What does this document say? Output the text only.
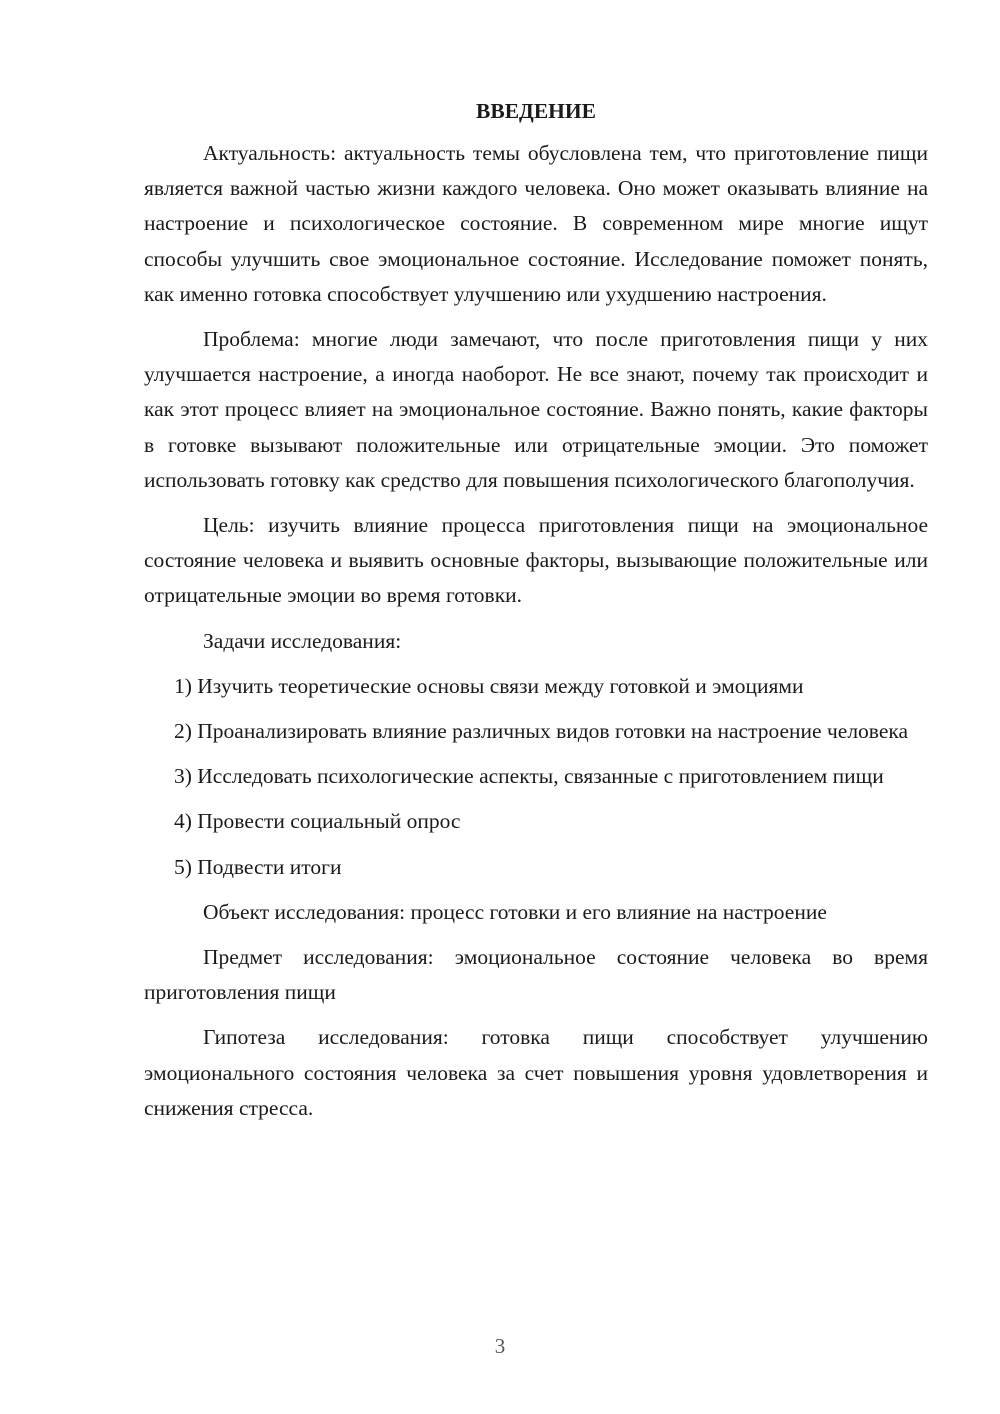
ВВЕДЕНИЕ

Актуальность: актуальность темы обусловлена тем, что приготовление пищи является важной частью жизни каждого человека. Оно может оказывать влияние на настроение и психологическое состояние. В современном мире многие ищут способы улучшить свое эмоциональное состояние. Исследование поможет понять, как именно готовка способствует улучшению или ухудшению настроения.

Проблема: многие люди замечают, что после приготовления пищи у них улучшается настроение, а иногда наоборот. Не все знают, почему так происходит и как этот процесс влияет на эмоциональное состояние. Важно понять, какие факторы в готовке вызывают положительные или отрицательные эмоции. Это поможет использовать готовку как средство для повышения психологического благополучия.

Цель: изучить влияние процесса приготовления пищи на эмоциональное состояние человека и выявить основные факторы, вызывающие положительные или отрицательные эмоции во время готовки.

Задачи исследования:

1) Изучить теоретические основы связи между готовкой и эмоциями

2) Проанализировать влияние различных видов готовки на настроение человека

3) Исследовать психологические аспекты, связанные с приготовлением пищи

4) Провести социальный опрос

5) Подвести итоги

Объект исследования: процесс готовки и его влияние на настроение

Предмет исследования: эмоциональное состояние человека во время приготовления пищи

Гипотеза исследования: готовка пищи способствует улучшению эмоционального состояния человека за счет повышения уровня удовлетворения и снижения стресса.

3
